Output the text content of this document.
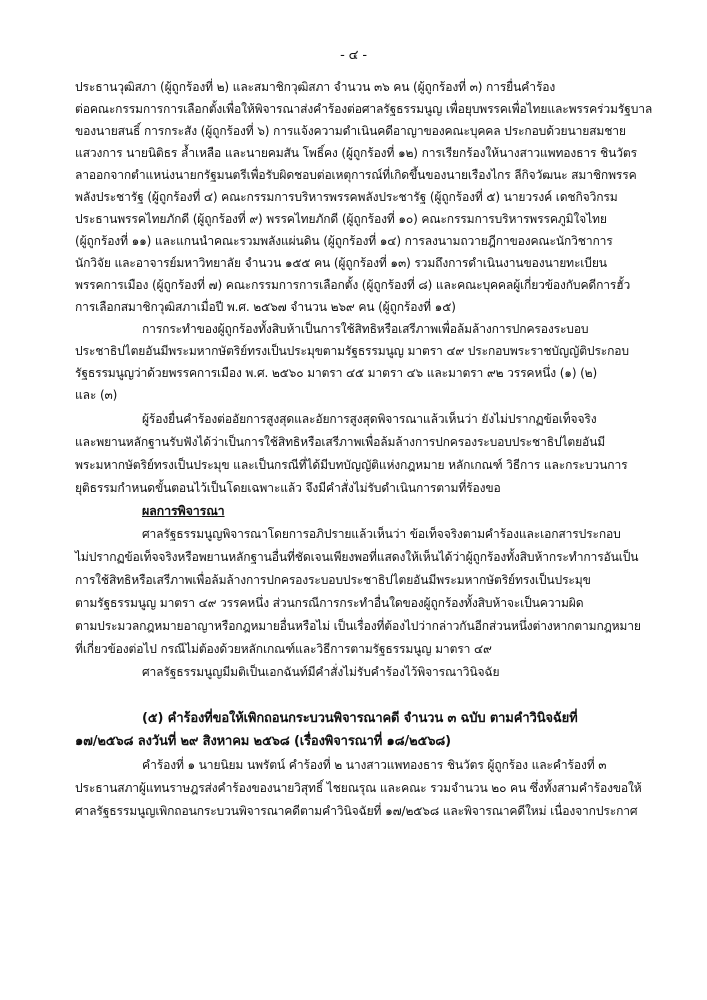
- ๔ -
ประธานวุฒิสภา (ผู้ถูกร้องที่ ๒) และสมาชิกวุฒิสภา จำนวน ๓๖ คน (ผู้ถูกร้องที่ ๓) การยื่นคำร้อง
ต่อคณะกรรมการการเลือกตั้งเพื่อให้พิจารณาส่งคำร้องต่อศาลรัฐธรรมนูญ เพื่อยุบพรรคเพื่อไทยและพรรคร่วมรัฐบาล
ของนายสนธิ์ การกระสัง (ผู้ถูกร้องที่ ๖) การแจ้งความดำเนินคดีอาญาของคณะบุคคล ประกอบด้วยนายสมชาย
แสวงการ นายนิติธร ล้ำเหลือ และนายคมสัน โพธิ์คง (ผู้ถูกร้องที่ ๑๒) การเรียกร้องให้นางสาวแพทองธาร ชินวัตร
ลาออกจากตำแหน่งนายกรัฐมนตรีเพื่อรับผิดชอบต่อเหตุการณ์ที่เกิดขึ้นของนายเรืองไกร ลีกิจวัฒนะ สมาชิกพรรค
พลังประชารัฐ (ผู้ถูกร้องที่ ๔) คณะกรรมการบริหารพรรคพลังประชารัฐ (ผู้ถูกร้องที่ ๕) นายวรงค์ เดชกิจวิกรม
ประธานพรรคไทยภักดี (ผู้ถูกร้องที่ ๙) พรรคไทยภักดี (ผู้ถูกร้องที่ ๑๐) คณะกรรมการบริหารพรรคภูมิใจไทย
(ผู้ถูกร้องที่ ๑๑) และแกนนำคณะรวมพลังแผ่นดิน (ผู้ถูกร้องที่ ๑๔) การลงนามถวายฎีกาของคณะนักวิชาการ
นักวิจัย และอาจารย์มหาวิทยาลัย จำนวน ๑๕๕ คน (ผู้ถูกร้องที่ ๑๓) รวมถึงการดำเนินงานของนายทะเบียน
พรรคการเมือง (ผู้ถูกร้องที่ ๗) คณะกรรมการการเลือกตั้ง (ผู้ถูกร้องที่ ๘) และคณะบุคคลผู้เกี่ยวข้องกับคดีการฮั้ว
การเลือกสมาชิกวุฒิสภาเมื่อปี พ.ศ. ๒๕๖๗ จำนวน ๒๖๙ คน (ผู้ถูกร้องที่ ๑๕)
การกระทำของผู้ถูกร้องทั้งสิบห้าเป็นการใช้สิทธิหรือเสรีภาพเพื่อล้มล้างการปกครองระบอบ
ประชาธิปไตยอันมีพระมหากษัตริย์ทรงเป็นประมุขตามรัฐธรรมนูญ มาตรา ๔๙ ประกอบพระราชบัญญัติประกอบ
รัฐธรรมนูญว่าด้วยพรรคการเมือง พ.ศ. ๒๕๖๐ มาตรา ๔๕ มาตรา ๔๖ และมาตรา ๙๒ วรรคหนึ่ง (๑) (๒)
และ (๓)
ผู้ร้องยื่นคำร้องต่ออัยการสูงสุดและอัยการสูงสุดพิจารณาแล้วเห็นว่า ยังไม่ปรากฏข้อเท็จจริง
และพยานหลักฐานรับฟังได้ว่าเป็นการใช้สิทธิหรือเสรีภาพเพื่อล้มล้างการปกครองระบอบประชาธิปไตยอันมี
พระมหากษัตริย์ทรงเป็นประมุข และเป็นกรณีที่ได้มีบทบัญญัติแห่งกฎหมาย หลักเกณฑ์ วิธีการ และกระบวนการ
ยุติธรรมกำหนดขั้นตอนไว้เป็นโดยเฉพาะแล้ว จึงมีคำสั่งไม่รับดำเนินการตามที่ร้องขอ
ผลการพิจารณา
ศาลรัฐธรรมนูญพิจารณาโดยการอภิปรายแล้วเห็นว่า ข้อเท็จจริงตามคำร้องและเอกสารประกอบ
ไม่ปรากฏข้อเท็จจริงหรือพยานหลักฐานอื่นที่ชัดเจนเพียงพอที่แสดงให้เห็นได้ว่าผู้ถูกร้องทั้งสิบห้ากระทำการอันเป็น
การใช้สิทธิหรือเสรีภาพเพื่อล้มล้างการปกครองระบอบประชาธิปไตยอันมีพระมหากษัตริย์ทรงเป็นประมุข
ตามรัฐธรรมนูญ มาตรา ๔๙ วรรคหนึ่ง ส่วนกรณีการกระทำอื่นใดของผู้ถูกร้องทั้งสิบห้าจะเป็นความผิด
ตามประมวลกฎหมายอาญาหรือกฎหมายอื่นหรือไม่ เป็นเรื่องที่ต้องไปว่ากล่าวกันอีกส่วนหนึ่งต่างหากตามกฎหมาย
ที่เกี่ยวข้องต่อไป กรณีไม่ต้องด้วยหลักเกณฑ์และวิธีการตามรัฐธรรมนูญ มาตรา ๔๙
ศาลรัฐธรรมนูญมีมติเป็นเอกฉันท์มีคำสั่งไม่รับคำร้องไว้พิจารณาวินิจฉัย
(๕) คำร้องที่ขอให้เพิกถอนกระบวนพิจารณาคดี จำนวน ๓ ฉบับ ตามคำวินิจฉัยที่
๑๗/๒๕๖๘ ลงวันที่ ๒๙ สิงหาคม ๒๕๖๘ (เรื่องพิจารณาที่ ๑๘/๒๕๖๘)
คำร้องที่ ๑ นายนิยม นพรัตน์ คำร้องที่ ๒ นางสาวแพทองธาร ชินวัตร ผู้ถูกร้อง และคำร้องที่ ๓
ประธานสภาผู้แทนราษฎรส่งคำร้องของนายวิสุทธิ์ ไชยณรุณ และคณะ รวมจำนวน ๒๐ คน ซึ่งทั้งสามคำร้องขอให้
ศาลรัฐธรรมนูญเพิกถอนกระบวนพิจารณาคดีตามคำวินิจฉัยที่ ๑๗/๒๕๖๘ และพิจารณาคดีใหม่ เนื่องจากประกาศ
